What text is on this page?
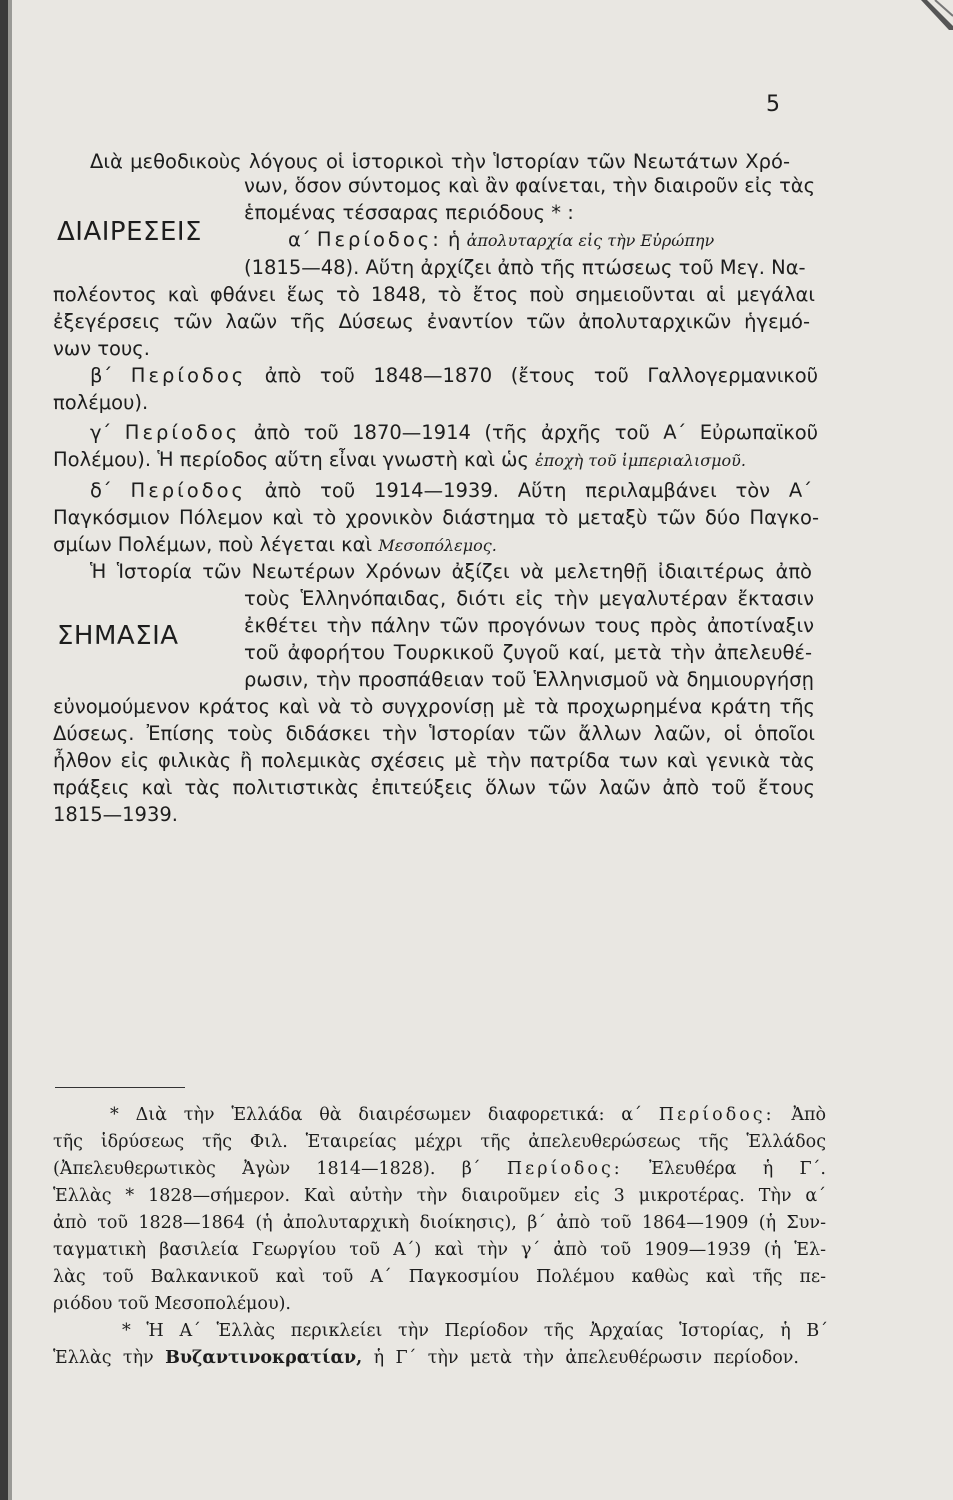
5
ΔΙΑΙΡΕΣΕΙΣ
ΣΗΜΑΣΙΑ
Διὰ μεθοδικοὺς λόγους οἱ ἱστορικοὶ τὴν Ἱστορίαν τῶν Νεωτάτων Χρό-
νων, ὅσον σύντομος καὶ ἂν φαίνεται, τὴν διαιροῦν εἰς τὰς
ἑπομένας τέσσαρας περιόδους * :
α΄ Περίοδος: ἡ ἀπολυταρχία εἰς τὴν Εὐρώπην
(1815—48). Αὕτη ἀρχίζει ἀπὸ τῆς πτώσεως τοῦ Μεγ. Να-
πολέοντος καὶ φθάνει ἕως τὸ 1848, τὸ ἔτος ποὺ σημειοῦνται αἱ μεγάλαι
ἐξεγέρσεις τῶν λαῶν τῆς Δύσεως ἐναντίον τῶν ἀπολυταρχικῶν ἡγεμό-
νων τους.
β΄ Περίοδος ἀπὸ τοῦ 1848—1870 (ἔτους τοῦ Γαλλογερμανικοῦ
πολέμου).
γ΄ Περίοδος ἀπὸ τοῦ 1870—1914 (τῆς ἀρχῆς τοῦ Α΄ Εὐρωπαϊκοῦ
Πολέμου). Ἡ περίοδος αὕτη εἶναι γνωστὴ καὶ ὡς ἐποχὴ τοῦ ἰμπεριαλισμοῦ.
δ΄ Περίοδος ἀπὸ τοῦ 1914—1939. Αὕτη περιλαμβάνει τὸν Α΄
Παγκόσμιον Πόλεμον καὶ τὸ χρονικὸν διάστημα τὸ μεταξὺ τῶν δύο Παγκο-
σμίων Πολέμων, ποὺ λέγεται καὶ Μεσοπόλεμος.
Ἡ Ἱστορία τῶν Νεωτέρων Χρόνων ἀξίζει νὰ μελετηθῇ ἰδιαιτέρως ἀπὸ
τοὺς Ἑλληνόπαιδας, διότι εἰς τὴν μεγαλυτέραν ἔκτασιν
ἐκθέτει τὴν πάλην τῶν προγόνων τους πρὸς ἀποτίναξιν
τοῦ ἀφορήτου Τουρκικοῦ ζυγοῦ καί, μετὰ τὴν ἀπελευθέ-
ρωσιν, τὴν προσπάθειαν τοῦ Ἑλληνισμοῦ νὰ δημιουργήσῃ
εὐνομούμενον κράτος καὶ νὰ τὸ συγχρονίσῃ μὲ τὰ προχωρημένα κράτη τῆς
Δύσεως. Ἐπίσης τοὺς διδάσκει τὴν Ἱστορίαν τῶν ἄλλων λαῶν, οἱ ὁποῖοι
ἦλθον εἰς φιλικὰς ἢ πολεμικὰς σχέσεις μὲ τὴν πατρίδα των καὶ γενικὰ τὰς
πράξεις καὶ τὰς πολιτιστικὰς ἐπιτεύξεις ὅλων τῶν λαῶν ἀπὸ τοῦ ἔτους
1815—1939.
* Διὰ τὴν Ἑλλάδα θὰ διαιρέσωμεν διαφορετικά: α΄ Περίοδος: Ἀπὸ
τῆς ἱδρύσεως τῆς Φιλ. Ἑταιρείας μέχρι τῆς ἀπελευθερώσεως τῆς Ἑλλάδος
(Ἀπελευθερωτικὸς Ἀγὼν 1814—1828). β΄ Περίοδος: Ἐλευθέρα ἡ Γ΄.
Ἑλλὰς * 1828—σήμερον. Καὶ αὐτὴν τὴν διαιροῦμεν εἰς 3 μικροτέρας. Τὴν α΄
ἀπὸ τοῦ 1828—1864 (ἡ ἀπολυταρχικὴ διοίκησις), β΄ ἀπὸ τοῦ 1864—1909 (ἡ Συν-
ταγματικὴ βασιλεία Γεωργίου τοῦ Α΄) καὶ τὴν γ΄ ἀπὸ τοῦ 1909—1939 (ἡ Ἑλ-
λὰς τοῦ Βαλκανικοῦ καὶ τοῦ Α΄ Παγκοσμίου Πολέμου καθὼς καὶ τῆς πε-
ριόδου τοῦ Μεσοπολέμου).
* Ἡ Α΄ Ἑλλὰς περικλείει τὴν Περίοδον τῆς Ἀρχαίας Ἱστορίας, ἡ Β΄
Ἑλλὰς τὴν Βυζαντινοκρατίαν, ἡ Γ΄ τὴν μετὰ τὴν ἀπελευθέρωσιν περίοδον.
